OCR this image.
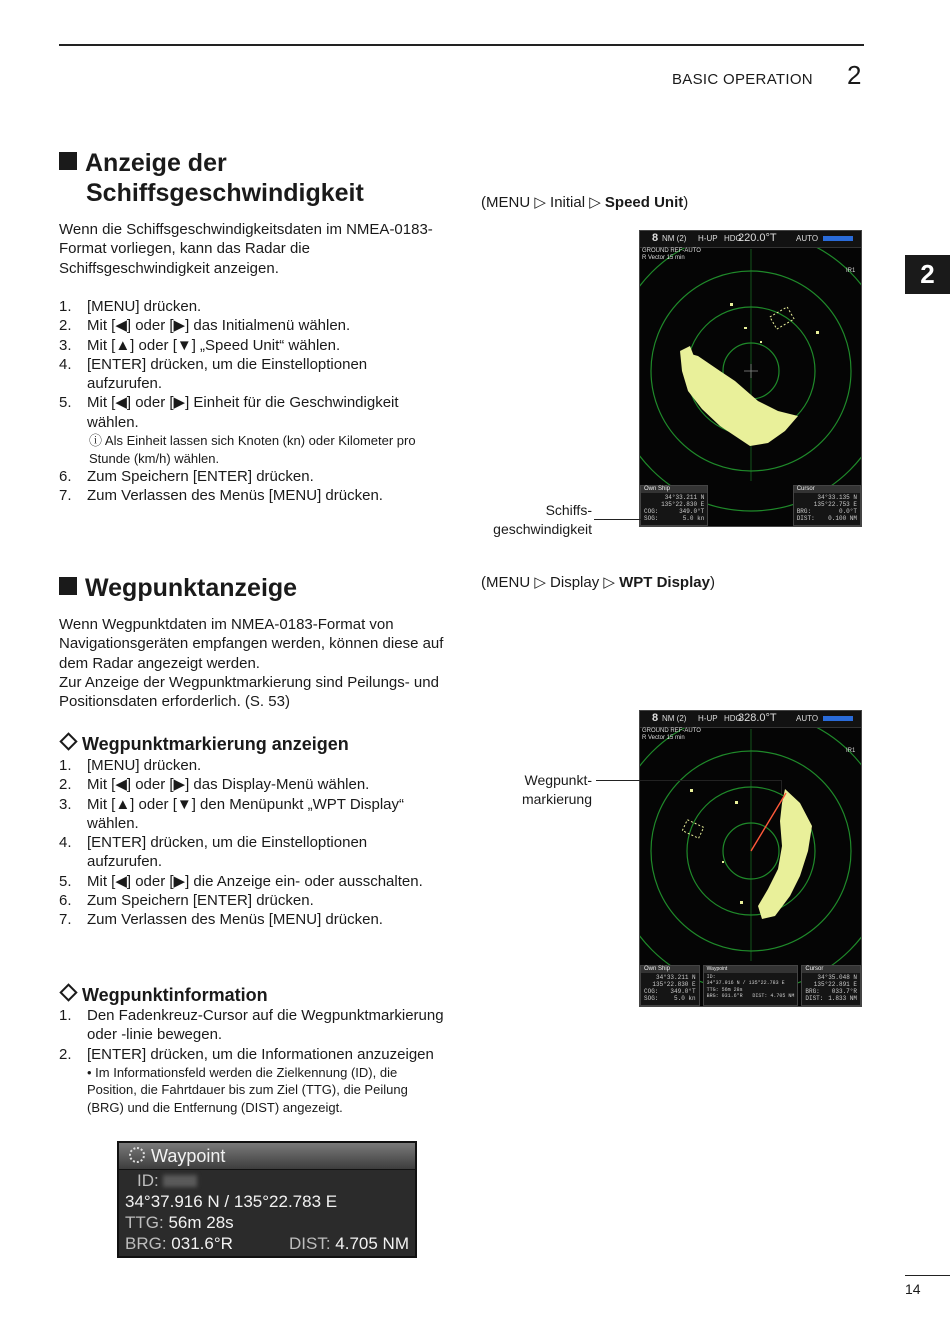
BASIC OPERATION 2
2
Anzeige der
Schiffsgeschwindigkeit

Wenn die Schiffsgeschwindigkeitsdaten im NMEA-0183-Format vorliegen, kann das Radar die Schiffsgeschwindigkeit anzeigen.

1. [MENU] drücken.
2. Mit [◀] oder [▶] das Initialmenü wählen.
3. Mit [▲] oder [▼] „Speed Unit“ wählen.
4. [ENTER] drücken, um die Einstelloptionen aufzurufen.
5. Mit [◀] oder [▶] Einheit für die Geschwindigkeit wählen.
ⓘ Als Einheit lassen sich Knoten (kn) oder Kilometer pro Stunde (km/h) wählen.
6. Zum Speichern [ENTER] drücken.
7. Zum Verlassen des Menüs [MENU] drücken.
(MENU ▷ Initial ▷ Speed Unit)
8 NM (2) H-UP HDG
220.0°T AUTO
GROUND REF-AUTO
R Vector 15 min
IR1
Own Ship
34°33.211 N
135°22.830 E
COG:	349.0°T
SOG:	5.0 kn
Cursor
34°33.135 N
135°22.753 E
BRG:	0.0°T
DIST: 0.100 NM
Schiffs-
geschwindigkeit
Wegpunktanzeige

Wenn Wegpunktdaten im NMEA-0183-Format von Navigationsgeräten empfangen werden, können diese auf dem Radar angezeigt werden.

Zur Anzeige der Wegpunktmarkierung sind Peilungs- und Positionsdaten erforderlich. (S. 53)

Wegpunktmarkierung anzeigen
1. [MENU] drücken.
2. Mit [◀] oder [▶] das Display-Menü wählen.
3. Mit [▲] oder [▼] den Menüpunkt „WPT Display“ wählen.
4. [ENTER] drücken, um die Einstelloptionen aufzurufen.
5. Mit [◀] oder [▶] die Anzeige ein- oder ausschalten.
6. Zum Speichern [ENTER] drücken.
7. Zum Verlassen des Menüs [MENU] drücken.
Wegpunktinformation
1. Den Fadenkreuz-Cursor auf die Wegpunktmarkierung oder -linie bewegen.
2. [ENTER] drücken, um die Informationen anzuzeigen
• Im Informationsfeld werden die Zielkennung (ID), die Position, die Fahrtdauer bis zum Ziel (TTG), die Peilung (BRG) und die Entfernung (DIST) angezeigt.
(MENU ▷ Display ▷ WPT Display)
8 NM (2) H-UP HDG
328.0°T AUTO
GROUND REF-AUTO
R Vector 15 min
IR1
Own Ship
34°33.211 N
135°22.830 E
COG: 349.0°T
SOG:	5.0 kn
Waypoint
ID:
34°37.916 N / 135°22.783 E
TTG: 56m 28s
BRG: 031.6°R DIST: 4.705 NM
Cursor
34°35.048 N
135°22.891 E
BRG: 033.7°R
DIST: 1.833 NM
Wegpunkt-
markierung
Waypoint
ID:
34°37.916 N / 135°22.783 E
TTG: 56m 28s
BRG: 031.6°R	DIST: 4.705 NM
14
